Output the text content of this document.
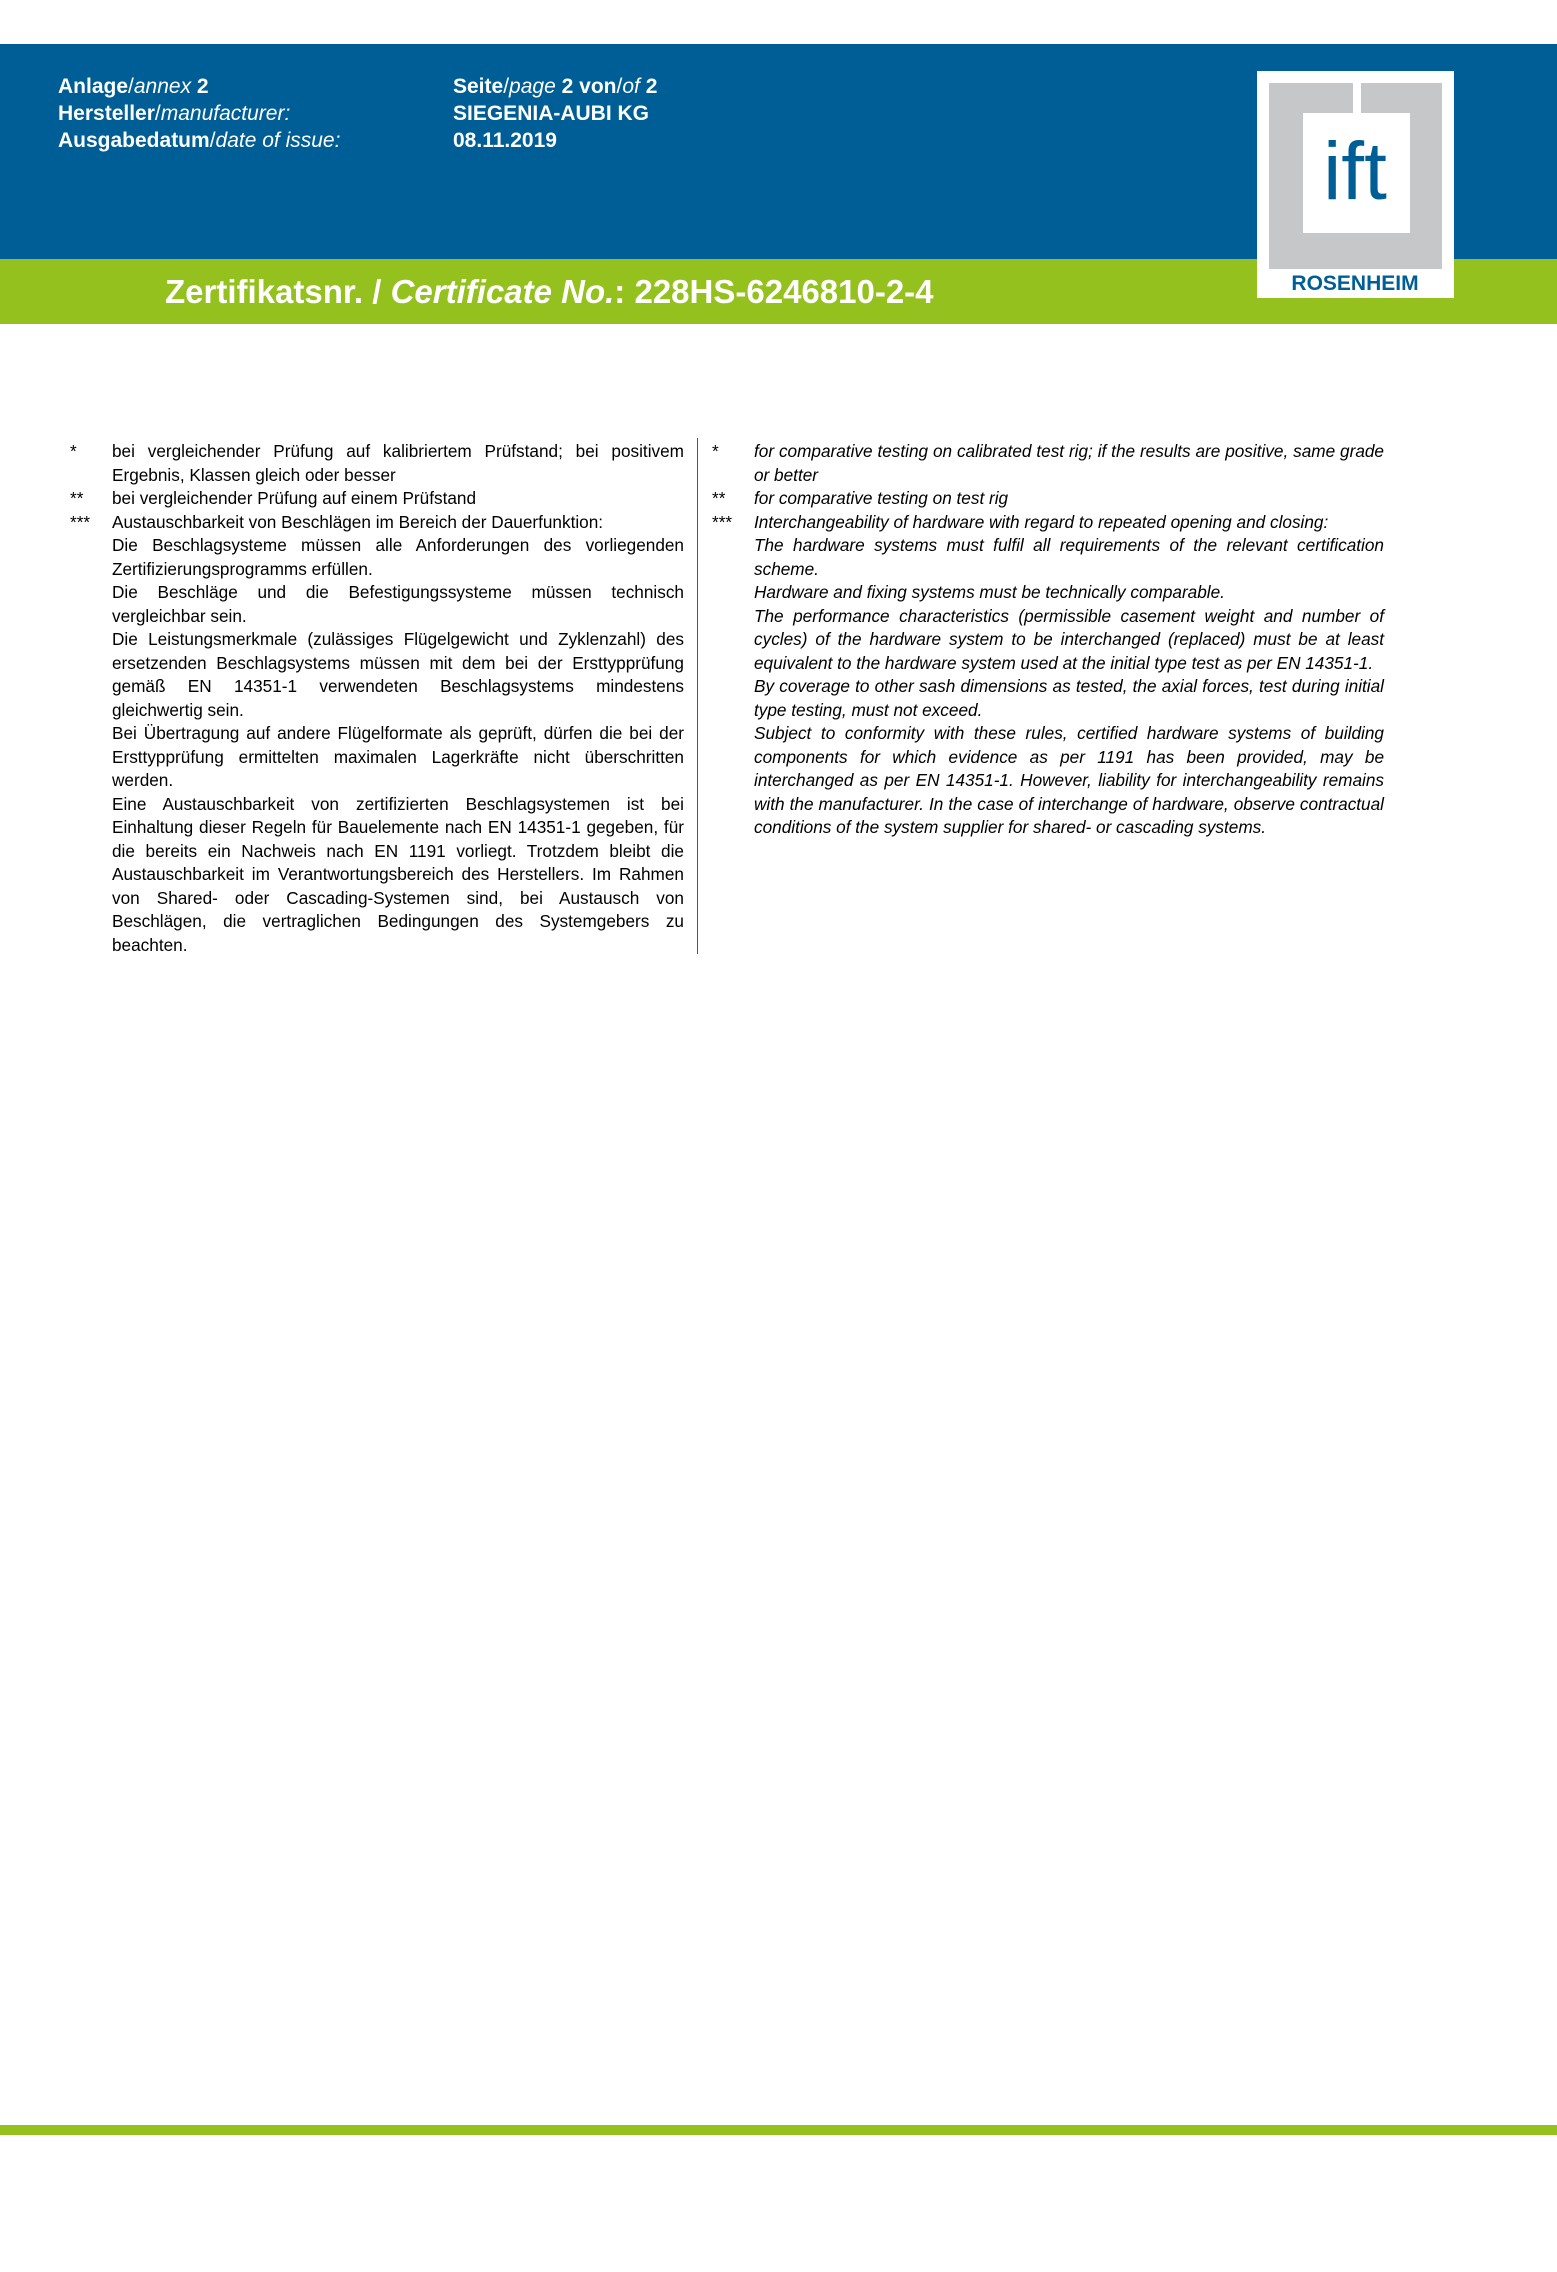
Anlage/annex 2	Seite/page 2 von/of 2
Hersteller/manufacturer:	SIEGENIA-AUBI KG
Ausgabedatum/date of issue:	08.11.2019
Zertifikatsnr. / Certificate No.: 228HS-6246810-2-4
ift
ROSENHEIM
* bei vergleichender Prüfung auf kalibriertem Prüfstand; bei positivem Ergebnis, Klassen gleich oder besser

** bei vergleichender Prüfung auf einem Prüfstand

*** Austauschbarkeit von Beschlägen im Bereich der Dauerfunktion:

Die Beschlagsysteme müssen alle Anforderungen des vorliegenden Zertifizierungsprogramms erfüllen.

Die Beschläge und die Befestigungssysteme müssen technisch vergleichbar sein.

Die Leistungsmerkmale (zulässiges Flügelgewicht und Zyklenzahl) des ersetzenden Beschlagsystems müssen mit dem bei der Ersttypprüfung gemäß EN 14351-1 verwendeten Beschlagsystems mindestens gleichwertig sein.

Bei Übertragung auf andere Flügelformate als geprüft, dürfen die bei der Ersttypprüfung ermittelten maximalen Lagerkräfte nicht überschritten werden.

Eine Austauschbarkeit von zertifizierten Beschlagsystemen ist bei Einhaltung dieser Regeln für Bauelemente nach EN 14351-1 gegeben, für die bereits ein Nachweis nach EN 1191 vorliegt. Trotzdem bleibt die Austauschbarkeit im Verantwortungsbereich des Herstellers. Im Rahmen von Shared- oder Cascading-Systemen sind, bei Austausch von Beschlägen, die vertraglichen Bedingungen des Systemgebers zu beachten.

* for comparative testing on calibrated test rig; if the results are positive, same grade or better

** for comparative testing on test rig

*** Interchangeability of hardware with regard to repeated opening and closing:

The hardware systems must fulfil all requirements of the relevant certification scheme.

Hardware and fixing systems must be technically comparable.

The performance characteristics (permissible casement weight and number of cycles) of the hardware system to be interchanged (replaced) must be at least equivalent to the hardware system used at the initial type test as per EN 14351-1.

By coverage to other sash dimensions as tested, the axial forces, test during initial type testing, must not exceed.

Subject to conformity with these rules, certified hardware systems of building components for which evidence as per 1191 has been provided, may be interchanged as per EN 14351-1. However, liability for interchangeability remains with the manufacturer. In the case of interchange of hardware, observe contractual conditions of the system supplier for shared- or cascading systems.
